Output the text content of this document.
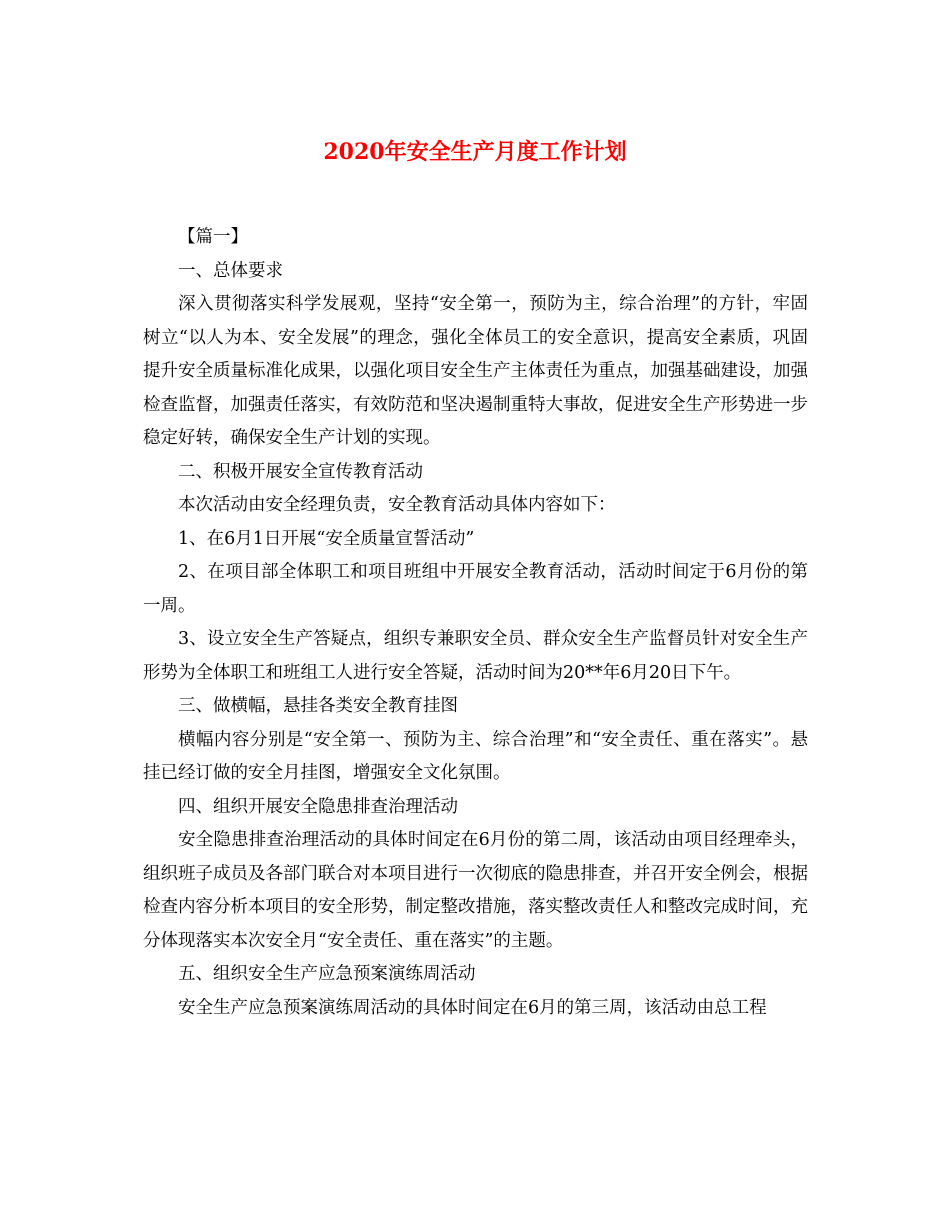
2020年安全生产月度工作计划

【篇一】

一、总体要求

深入贯彻落实科学发展观，坚持“安全第一，预防为主，综合治理”的方针，牢固树立“以人为本、安全发展”的理念，强化全体员工的安全意识，提高安全素质，巩固提升安全质量标准化成果，以强化项目安全生产主体责任为重点，加强基础建设，加强检查监督，加强责任落实，有效防范和坚决遏制重特大事故，促进安全生产形势进一步稳定好转，确保安全生产计划的实现。

二、积极开展安全宣传教育活动

本次活动由安全经理负责，安全教育活动具体内容如下：

1、在6月1日开展“安全质量宣誓活动”

2、在项目部全体职工和项目班组中开展安全教育活动，活动时间定于6月份的第一周。

3、设立安全生产答疑点，组织专兼职安全员、群众安全生产监督员针对安全生产形势为全体职工和班组工人进行安全答疑，活动时间为20**年6月20日下午。

三、做横幅，悬挂各类安全教育挂图

横幅内容分别是“安全第一、预防为主、综合治理”和“安全责任、重在落实”。悬挂已经订做的安全月挂图，增强安全文化氛围。

四、组织开展安全隐患排查治理活动

安全隐患排查治理活动的具体时间定在6月份的第二周，该活动由项目经理牵头，组织班子成员及各部门联合对本项目进行一次彻底的隐患排查，并召开安全例会，根据检查内容分析本项目的安全形势，制定整改措施，落实整改责任人和整改完成时间，充分体现落实本次安全月“安全责任、重在落实”的主题。

五、组织安全生产应急预案演练周活动

安全生产应急预案演练周活动的具体时间定在6月的第三周，该活动由总工程
